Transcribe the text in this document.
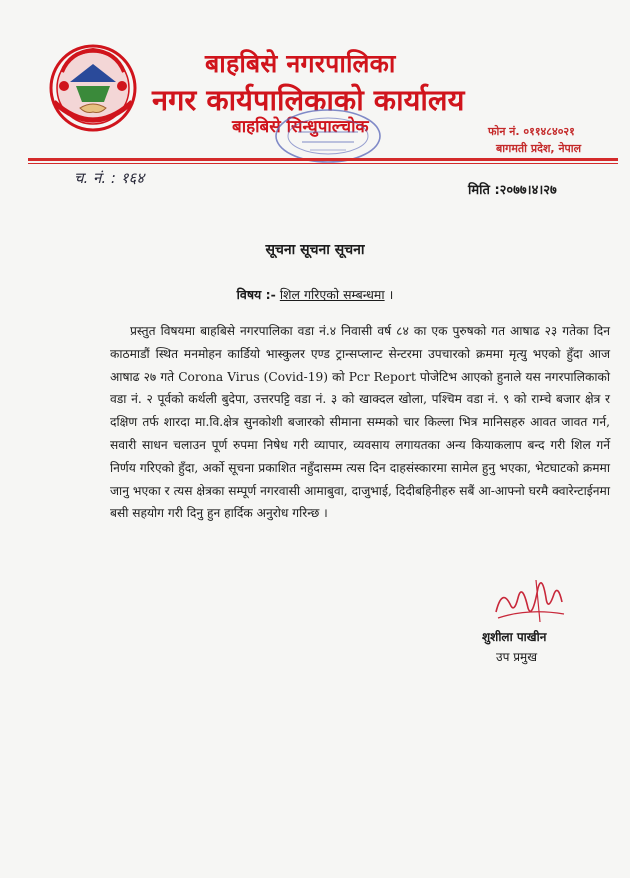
बाहबिसे नगरपालिका
नगर कार्यपालिकाको कार्यालय
बाहबिसे सिन्धुपाल्चोक	फोन नं. ०११४८४०२१
बागमती प्रदेश, नेपाल
च. नं. : १६४
मिति :२०७७।४।२७
सूचना सूचना सूचना
विषय :- शिल गरिएको सम्बन्धमा ।
प्रस्तुत विषयमा बाहबिसे नगरपालिका वडा नं.४ निवासी वर्ष ८४ का एक पुरुषको गत आषाढ २३ गतेका दिन काठमाडौं स्थित मनमोहन कार्डियो भास्कुलर एण्ड ट्रान्सप्लान्ट सेन्टरमा उपचारको क्रममा मृत्यु भएको हुँदा आज आषाढ २७ गते Corona Virus (Covid-19) को Pcr Report पोजेटिभ आएको हुनाले यस नगरपालिकाको वडा नं. २ पूर्वको कर्थली बुदेपा, उत्तरपट्टि वडा नं. ३ को खाक्दल खोला, पश्चिम वडा नं. ९ को राम्चे बजार क्षेत्र र दक्षिण तर्फ शारदा मा.वि.क्षेत्र सुनकोशी बजारको सीमाना सम्मको चार किल्ला भित्र मानिसहरु आवत जावत गर्न, सवारी साधन चलाउन पूर्ण रुपमा निषेध गरी व्यापार, व्यवसाय लगायतका अन्य कियाकलाप बन्द गरी शिल गर्ने निर्णय गरिएको हुँदा, अर्को सूचना प्रकाशित नहुँदासम्म त्यस दिन दाहसंस्कारमा सामेल हुनु भएका, भेटघाटको क्रममा जानु भएका र त्यस क्षेत्रका सम्पूर्ण नगरवासी आमाबुवा, दाजुभाई, दिदीबहिनीहरु सबैं आ-आफ्नो घरमै क्वारेन्टाईनमा बसी सहयोग गरी दिनु हुन हार्दिक अनुरोध गरिन्छ ।
शुशीला पाखीन
उप प्रमुख
